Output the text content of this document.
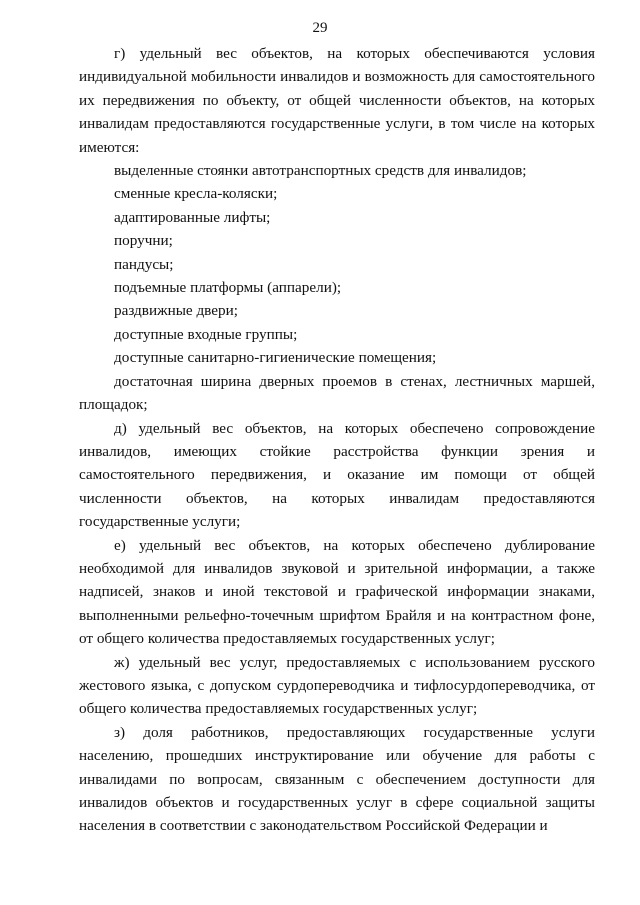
29

г) удельный вес объектов, на которых обеспечиваются условия индивидуальной мобильности инвалидов и возможность для самостоятельного их передвижения по объекту, от общей численности объектов, на которых инвалидам предоставляются государственные услуги, в том числе на которых имеются:

выделенные стоянки автотранспортных средств для инвалидов;

сменные кресла-коляски;

адаптированные лифты;

поручни;

пандусы;

подъемные платформы (аппарели);

раздвижные двери;

доступные входные группы;

доступные санитарно-гигиенические помещения;

достаточная ширина дверных проемов в стенах, лестничных маршей, площадок;

д) удельный вес объектов, на которых обеспечено сопровождение инвалидов, имеющих стойкие расстройства функции зрения и самостоятельного передвижения, и оказание им помощи от общей численности объектов, на которых инвалидам предоставляются государственные услуги;

е) удельный вес объектов, на которых обеспечено дублирование необходимой для инвалидов звуковой и зрительной информации, а также надписей, знаков и иной текстовой и графической информации знаками, выполненными рельефно-точечным шрифтом Брайля и на контрастном фоне, от общего количества предоставляемых государственных услуг;

ж) удельный вес услуг, предоставляемых с использованием русского жестового языка, с допуском сурдопереводчика и тифлосурдопереводчика, от общего количества предоставляемых государственных услуг;

з) доля работников, предоставляющих государственные услуги населению, прошедших инструктирование или обучение для работы с инвалидами по вопросам, связанным с обеспечением доступности для инвалидов объектов и государственных услуг в сфере социальной защиты населения в соответствии с законодательством Российской Федерации и
